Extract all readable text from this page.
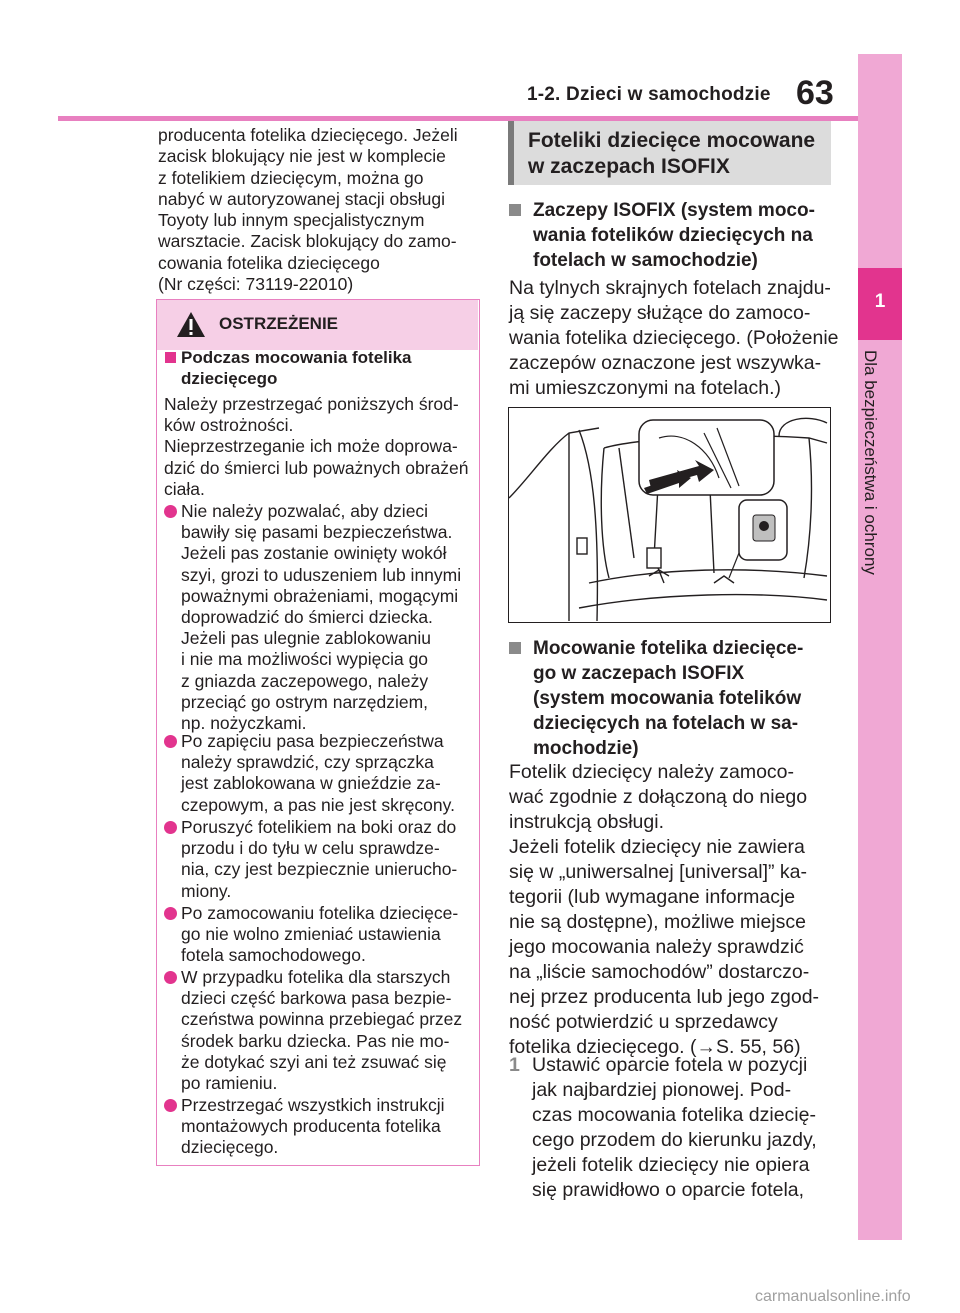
1-2. Dzieci w samochodzie 63
1
Dla bezpieczeństwa i ochrony
producenta fotelika dziecięcego. Jeżeli
zacisk blokujący nie jest w komplecie
z fotelikiem dziecięcym, można go
nabyć w autoryzowanej stacji obsługi
Toyoty lub innym specjalistycznym
warsztacie. Zacisk blokujący do zamo-
cowania fotelika dziecięcego
(Nr części: 73119-22010)
OSTRZEŻENIE
Podczas mocowania fotelika
dziecięcego
Należy przestrzegać poniższych środ-
ków ostrożności.
Nieprzestrzeganie ich może doprowa-
dzić do śmierci lub poważnych obrażeń
ciała.
Nie należy pozwalać, aby dzieci
bawiły się pasami bezpieczeństwa.
Jeżeli pas zostanie owinięty wokół
szyi, grozi to uduszeniem lub innymi
poważnymi obrażeniami, mogącymi
doprowadzić do śmierci dziecka.
Jeżeli pas ulegnie zablokowaniu
i nie ma możliwości wypięcia go
z gniazda zaczepowego, należy
przeciąć go ostrym narzędziem,
np. nożyczkami.
Po zapięciu pasa bezpieczeństwa
należy sprawdzić, czy sprzączka
jest zablokowana w gnieździe za-
czepowym, a pas nie jest skręcony.
Poruszyć fotelikiem na boki oraz do
przodu i do tyłu w celu sprawdze-
nia, czy jest bezpiecznie unierucho-
miony.
Po zamocowaniu fotelika dziecięce-
go nie wolno zmieniać ustawienia
fotela samochodowego.
W przypadku fotelika dla starszych
dzieci część barkowa pasa bezpie-
czeństwa powinna przebiegać przez
środek barku dziecka. Pas nie mo-
że dotykać szyi ani też zsuwać się
po ramieniu.
Przestrzegać wszystkich instrukcji
montażowych producenta fotelika
dziecięcego.
Foteliki dziecięce mocowane
w zaczepach ISOFIX
Zaczepy ISOFIX (system moco-
wania fotelików dziecięcych na
fotelach w samochodzie)
Na tylnych skrajnych fotelach znajdu-
ją się zaczepy służące do zamoco-
wania fotelika dziecięcego. (Położenie
zaczepów oznaczone jest wszywka-
mi umieszczonymi na fotelach.)
Mocowanie fotelika dziecięce-
go w zaczepach ISOFIX
(system mocowania fotelików
dziecięcych na fotelach w sa-
mochodzie)
Fotelik dziecięcy należy zamoco-
wać zgodnie z dołączoną do niego
instrukcją obsługi.
Jeżeli fotelik dziecięcy nie zawiera
się w „uniwersalnej [universal]” ka-
tegorii (lub wymagane informacje
nie są dostępne), możliwe miejsce
jego mocowania należy sprawdzić
na „liście samochodów” dostarczo-
nej przez producenta lub jego zgod-
ność potwierdzić u sprzedawcy
fotelika dziecięcego. (→S. 55, 56)
1 Ustawić oparcie fotela w pozycji
jak najbardziej pionowej. Pod-
czas mocowania fotelika dziecię-
cego przodem do kierunku jazdy,
jeżeli fotelik dziecięcy nie opiera
się prawidłowo o oparcie fotela,
carmanualsonline.info
